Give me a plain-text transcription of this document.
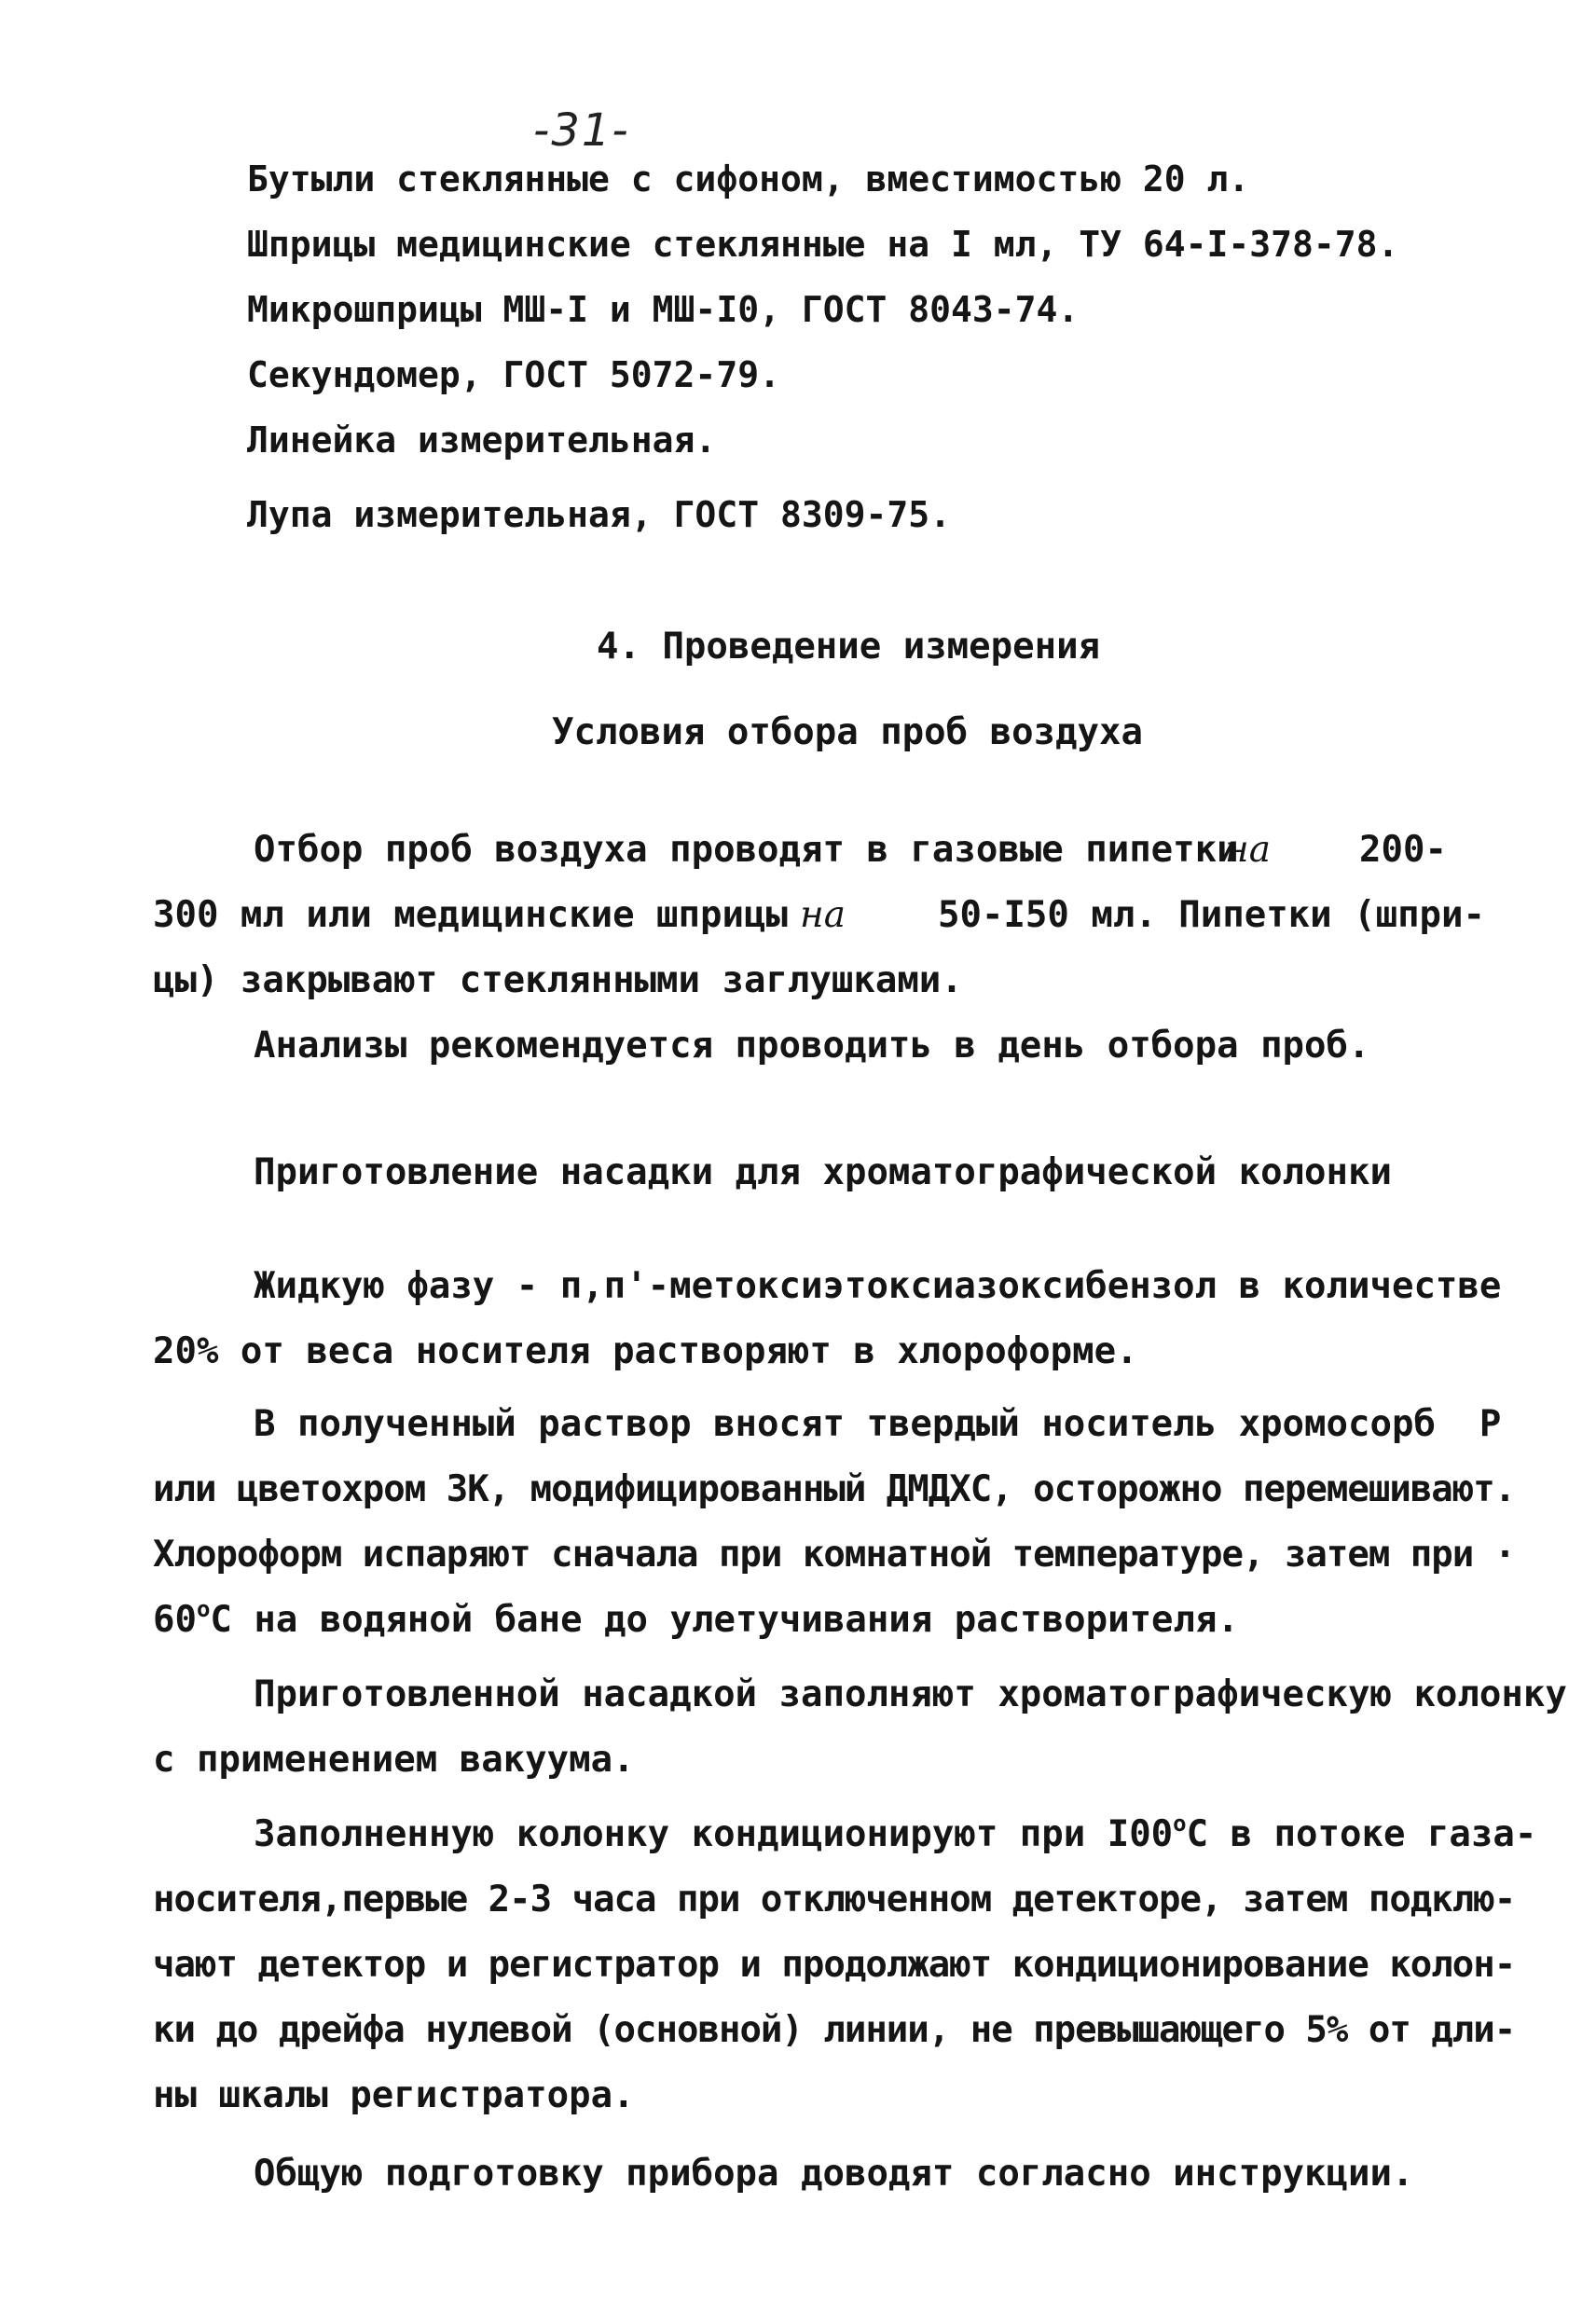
-31-
Бутыли стеклянные с сифоном, вместимостью 20 л.
Шприцы медицинские стеклянные на I мл, ТУ 64-I-378-78.
Микрошприцы МШ-I и МШ-I0, ГОСТ 8043-74.
Секундомер, ГОСТ 5072-79.
Линейка измерительная.
Лупа измерительная, ГОСТ 8309-75.
4. Проведение измерения
Условия отбора проб воздуха
Отбор проб воздуха проводят в газовые пипетки
на 200-
300 мл или медицинские шприцы на	50-I50 мл. Пипетки (шпри-
цы) закрывают стеклянными заглушками.
Анализы рекомендуется проводить в день отбора проб.
Приготовление насадки для хроматографической колонки
Жидкую фазу - п,п'-метоксиэтоксиазоксибензол в количестве
20% от веса носителя растворяют в хлороформе.
В полученный раствор вносят твердый носитель хромосорб  Р
или цветохром 3К, модифицированный ДМДХС, осторожно перемешивают.
Хлороформ испаряют сначала при комнатной температуре, затем при ·
$60^оС$ на водяной бане до улетучивания растворителя.
Приготовленной насадкой заполняют хроматографическую колонку
с применением вакуума.
Заполненную колонку кондиционируют при $I00^оС$ в потоке газа-
носителя,первые 2-3 часа при отключенном детекторе, затем подклю-
чают детектор и регистратор и продолжают кондиционирование колон-
ки до дрейфа нулевой (основной) линии, не превышающего 5% от дли-
ны шкалы регистратора.
Общую подготовку прибора доводят согласно инструкции.
